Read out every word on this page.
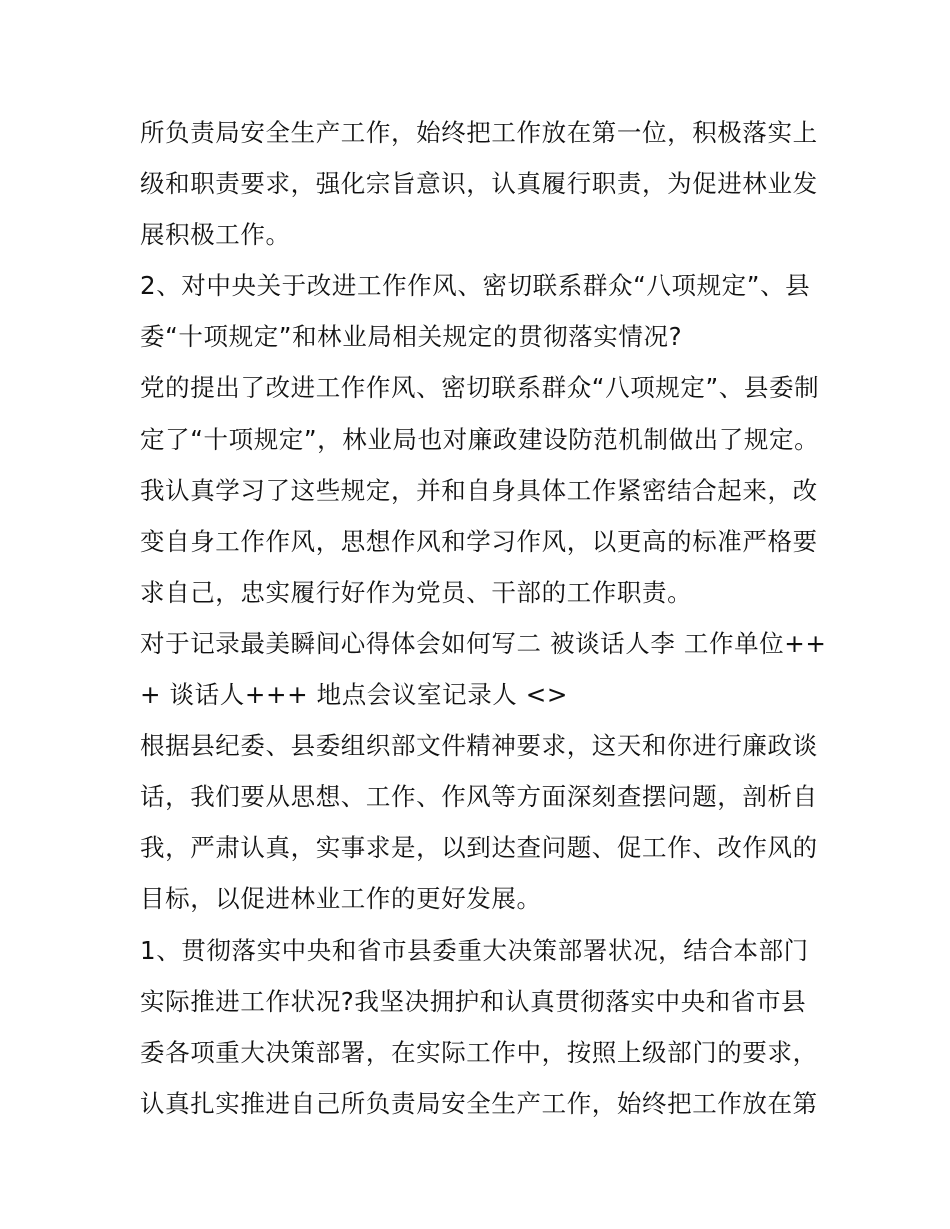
所负责局安全生产工作，始终把工作放在第一位，积极落实上
级和职责要求，强化宗旨意识，认真履行职责，为促进林业发
展积极工作。
2、对中央关于改进工作作风、密切联系群众“八项规定”、县
委“十项规定”和林业局相关规定的贯彻落实情况?
党的提出了改进工作作风、密切联系群众“八项规定”、县委制
定了“十项规定”，林业局也对廉政建设防范机制做出了规定。
我认真学习了这些规定，并和自身具体工作紧密结合起来，改
变自身工作作风，思想作风和学习作风，以更高的标准严格要
求自己，忠实履行好作为党员、干部的工作职责。
对于记录最美瞬间心得体会如何写二 被谈话人李 工作单位++
+ 谈话人+++ 地点会议室记录人 <>
根据县纪委、县委组织部文件精神要求，这天和你进行廉政谈
话，我们要从思想、工作、作风等方面深刻查摆问题，剖析自
我，严肃认真，实事求是，以到达查问题、促工作、改作风的
目标，以促进林业工作的更好发展。
1、贯彻落实中央和省市县委重大决策部署状况，结合本部门
实际推进工作状况?我坚决拥护和认真贯彻落实中央和省市县
委各项重大决策部署，在实际工作中，按照上级部门的要求，
认真扎实推进自己所负责局安全生产工作，始终把工作放在第
